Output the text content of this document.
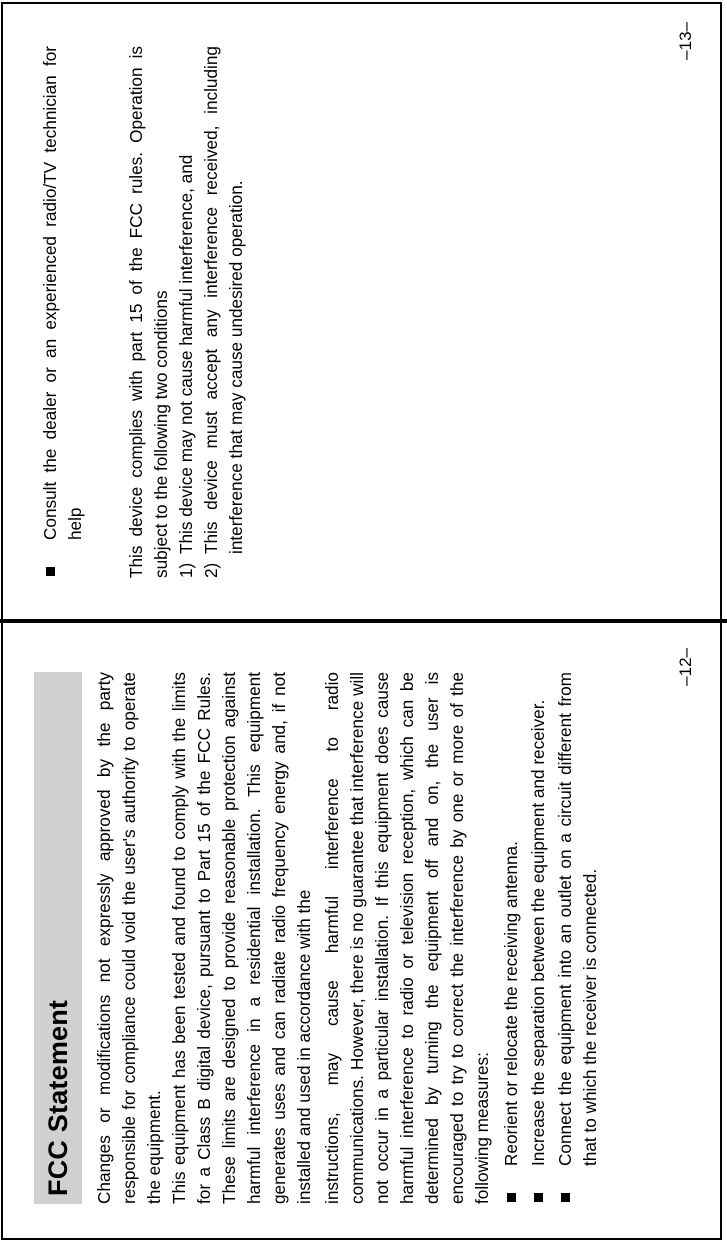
FCC Statement Changes or modifications not expressly approved by the party responsible for compliance could void the user's authority to operate the equipment. This equipment has been tested and found to comply with the limits for a Class B digital device, pursuant to Part 15 of the FCC Rules. These limits are designed to provide reasonable protection against harmful interference in a residential installation. This equipment generates uses and can radiate radio frequency energy and, if not installed and used in accordance with the instructions, may cause harmful interference to radio communications. However, there is no guarantee that interference will not occur in a particular installation. If this equipment does cause harmful interference to radio or television reception, which can be determined by turning the equipment off and on, the user is encouraged to try to correct the interference by one or more of the following measures: Reorient or relocate the receiving antenna. Increase the separation between the equipment and receiver. Connect the equipment into an outlet on a circuit different from that to which the receiver is connected.
–12–
Consult the dealer or an experienced radio/TV technician for help This device complies with part 15 of the FCC rules. Operation is subject to the following two conditions 1)
This device may not cause harmful interference, and
2)
This device must accept any interference received, including interference that may cause undesired operation.
–13–
